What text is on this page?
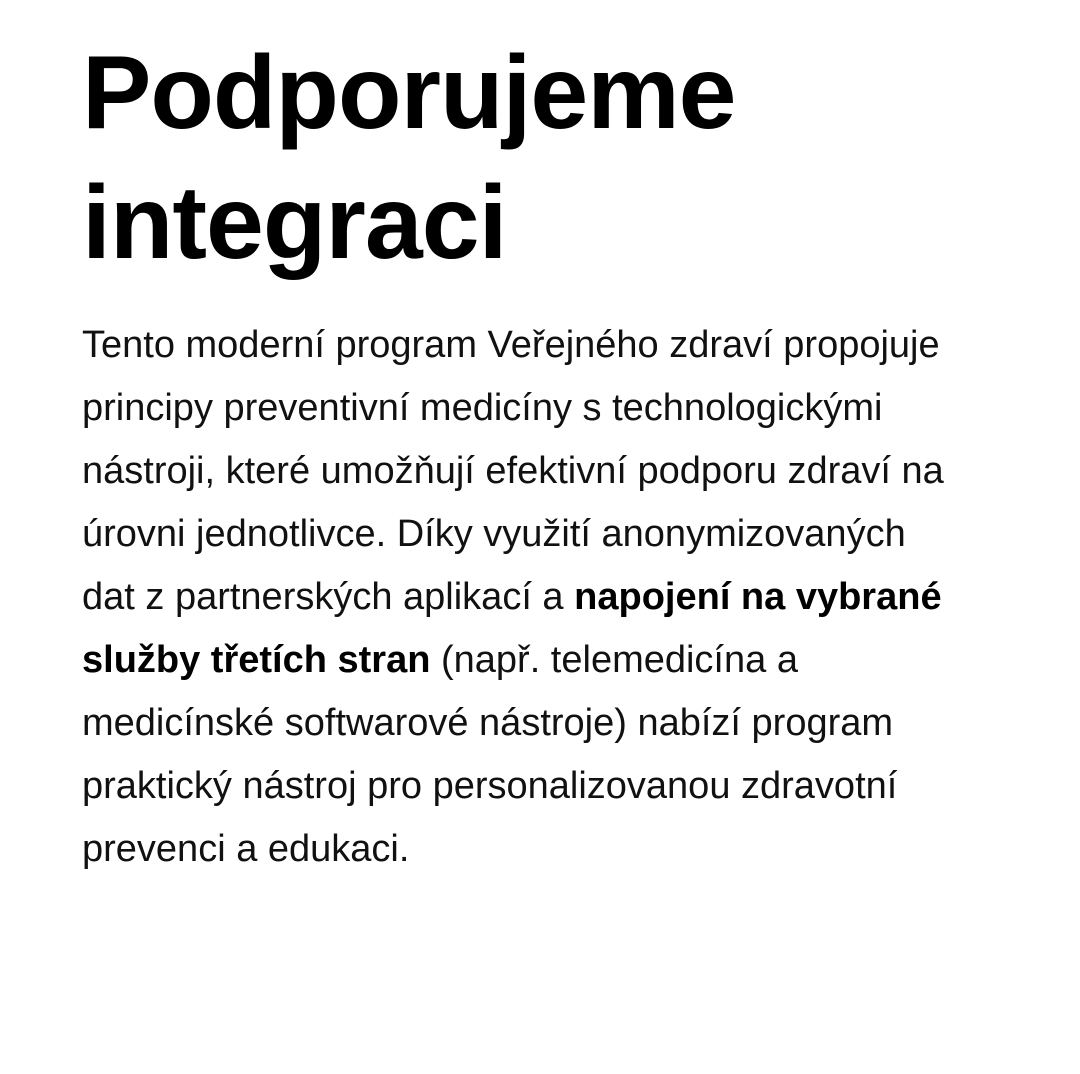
Podporujeme
integraci

Tento moderní program Veřejného zdraví propojuje principy preventivní medicíny s technologickými nástroji, které umožňují efektivní podporu zdraví na úrovni jednotlivce. Díky využití anonymizovaných dat z partnerských aplikací a napojení na vybrané služby třetích stran (např. telemedicína a medicínské softwarové nástroje) nabízí program praktický nástroj pro personalizovanou zdravotní prevenci a edukaci.
